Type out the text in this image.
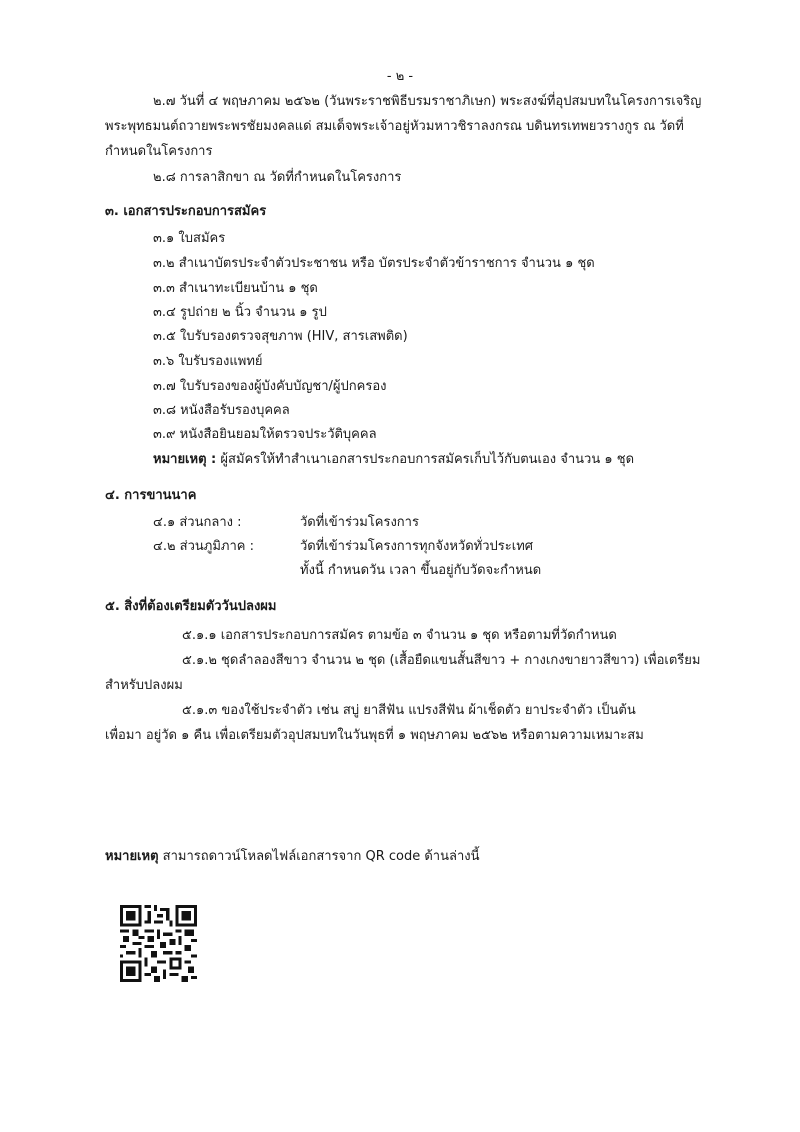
- ๒ -
๒.๗ วันที่ ๔ พฤษภาคม ๒๕๖๒ (วันพระราชพิธีบรมราชาภิเษก) พระสงฆ์ที่อุปสมบทในโครงการเจริญ
พระพุทธมนต์ถวายพระพรชัยมงคลแด่ สมเด็จพระเจ้าอยู่หัวมหาวชิราลงกรณ บดินทรเทพยวรางกูร ณ วัดที่
กำหนดในโครงการ
๒.๘ การลาสิกขา ณ วัดที่กำหนดในโครงการ
๓. เอกสารประกอบการสมัคร
๓.๑ ใบสมัคร
๓.๒ สำเนาบัตรประจำตัวประชาชน หรือ บัตรประจำตัวข้าราชการ จำนวน ๑ ชุด
๓.๓ สำเนาทะเบียนบ้าน ๑ ชุด
๓.๔ รูปถ่าย ๒ นิ้ว จำนวน ๑ รูป
๓.๕ ใบรับรองตรวจสุขภาพ (HIV, สารเสพติด)
๓.๖ ใบรับรองแพทย์
๓.๗ ใบรับรองของผู้บังคับบัญชา/ผู้ปกครอง
๓.๘ หนังสือรับรองบุคคล
๓.๙ หนังสือยินยอมให้ตรวจประวัติบุคคล
หมายเหตุ : ผู้สมัครให้ทำสำเนาเอกสารประกอบการสมัครเก็บไว้กับตนเอง จำนวน ๑ ชุด
๔. การขานนาค
๔.๑ ส่วนกลาง :	วัดที่เข้าร่วมโครงการ
๔.๒ ส่วนภูมิภาค :	วัดที่เข้าร่วมโครงการทุกจังหวัดทั่วประเทศ
ทั้งนี้ กำหนดวัน เวลา ขึ้นอยู่กับวัดจะกำหนด
๕. สิ่งที่ต้องเตรียมตัววันปลงผม
๕.๑.๑ เอกสารประกอบการสมัคร ตามข้อ ๓ จำนวน ๑ ชุด หรือตามที่วัดกำหนด
๕.๑.๒ ชุดลำลองสีขาว จำนวน ๒ ชุด (เสื้อยืดแขนสั้นสีขาว + กางเกงขายาวสีขาว) เพื่อเตรียม
สำหรับปลงผม
๕.๑.๓ ของใช้ประจำตัว เช่น สบู่ ยาสีฟัน แปรงสีฟัน ผ้าเช็ดตัว ยาประจำตัว เป็นต้น
เพื่อมา อยู่วัด ๑ คืน เพื่อเตรียมตัวอุปสมบทในวันพุธที่ ๑ พฤษภาคม ๒๕๖๒ หรือตามความเหมาะสม
หมายเหตุ สามารถดาวน์โหลดไฟล์เอกสารจาก QR code ด้านล่างนี้
